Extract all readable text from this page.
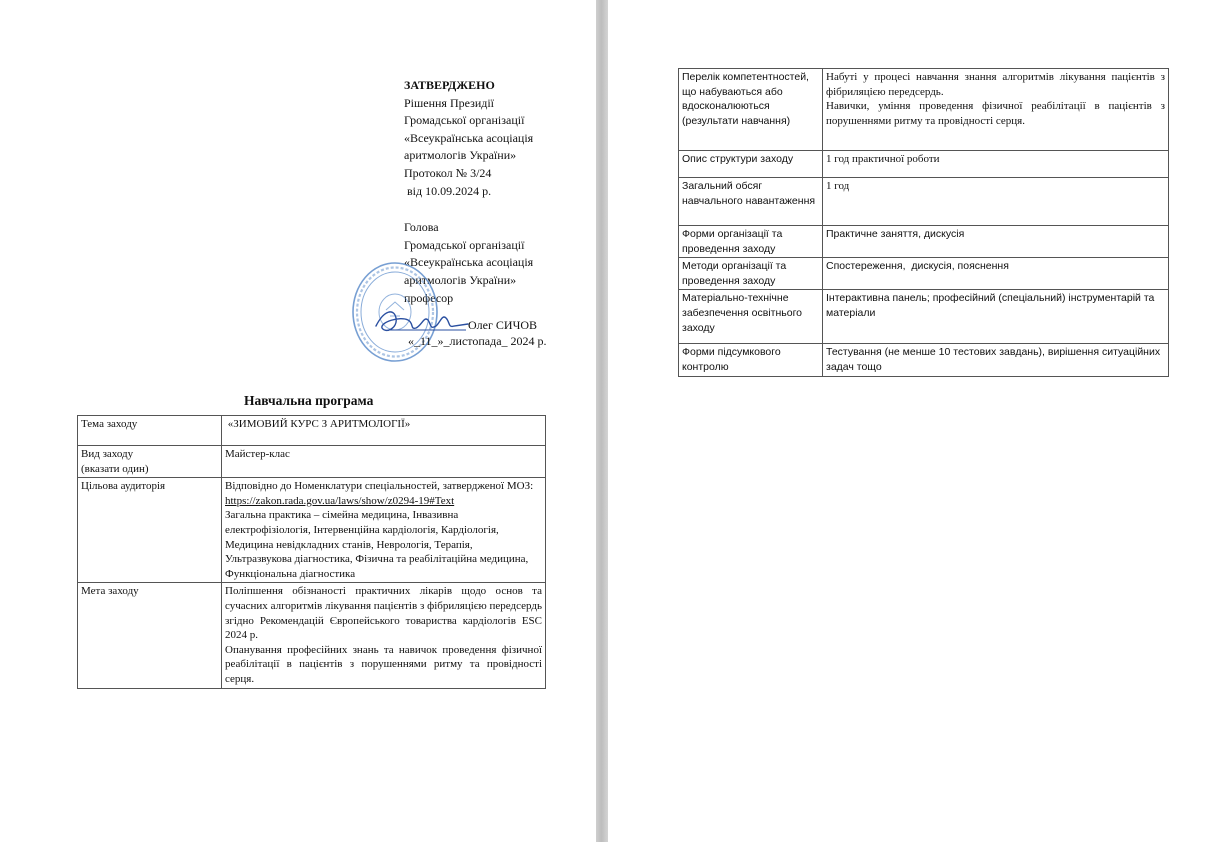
ЗАТВЕРДЖЕНО
Рішення Президії
Громадської організації
«Всеукраїнська асоціація
аритмологів України»
Протокол № 3/24
від 10.09.2024 р.
Голова
Громадської організації
«Всеукраїнська асоціація
аритмологів України»
професор
Олег СИЧОВ
«_11_»_листопада_ 2024 р.
Навчальна програма
Тема заходу	«ЗИМОВИЙ КУРС З АРИТМОЛОГІЇ»
Вид заходу
(вказати один)	Майстер-клас
Цільова аудиторія	Відповідно до Номенклатури спеціальностей, затвердженої МОЗ:
https://zakon.rada.gov.ua/laws/show/z0294-19#Text
Загальна практика – сімейна медицина, Інвазивна електрофізіологія, Інтервенційна кардіологія, Кардіологія, Медицина невідкладних станів, Неврологія, Терапія, Ультразвукова діагностика, Фізична та реабілітаційна медицина, Функціональна діагностика

Мета заходу	Поліпшення обізнаності практичних лікарів щодо основ та сучасних алгоритмів лікування пацієнтів з фібриляцією передсердь згідно Рекомендацій Європейського товариства кардіологів ESC 2024 р.
Опанування професійних знань та навичок проведення фізичної реабілітації в пацієнтів з порушеннями ритму та провідності серця.
Перелік компетентностей, що набуваються або вдосконалюються (результати навчання)	Набуті у процесі навчання знання алгоритмів лікування пацієнтів з фібриляцією передсердь.
Навички, уміння проведення фізичної реабілітації в пацієнтів з порушеннями ритму та провідності серця.

Опис структури заходу	1 год практичної роботи
Загальний обсяг навчального навантаження	1 год
Форми організації та проведення заходу	Практичне заняття, дискусія
Методи організації та проведення заходу	Спостереження,  дискусія, пояснення
Матеріально-технічне забезпечення освітнього заходу	Інтерактивна панель; професійний (спеціальний) інструментарій та матеріали
Форми підсумкового контролю	Тестування (не менше 10 тестових завдань), вирішення ситуаційних задач тощо
